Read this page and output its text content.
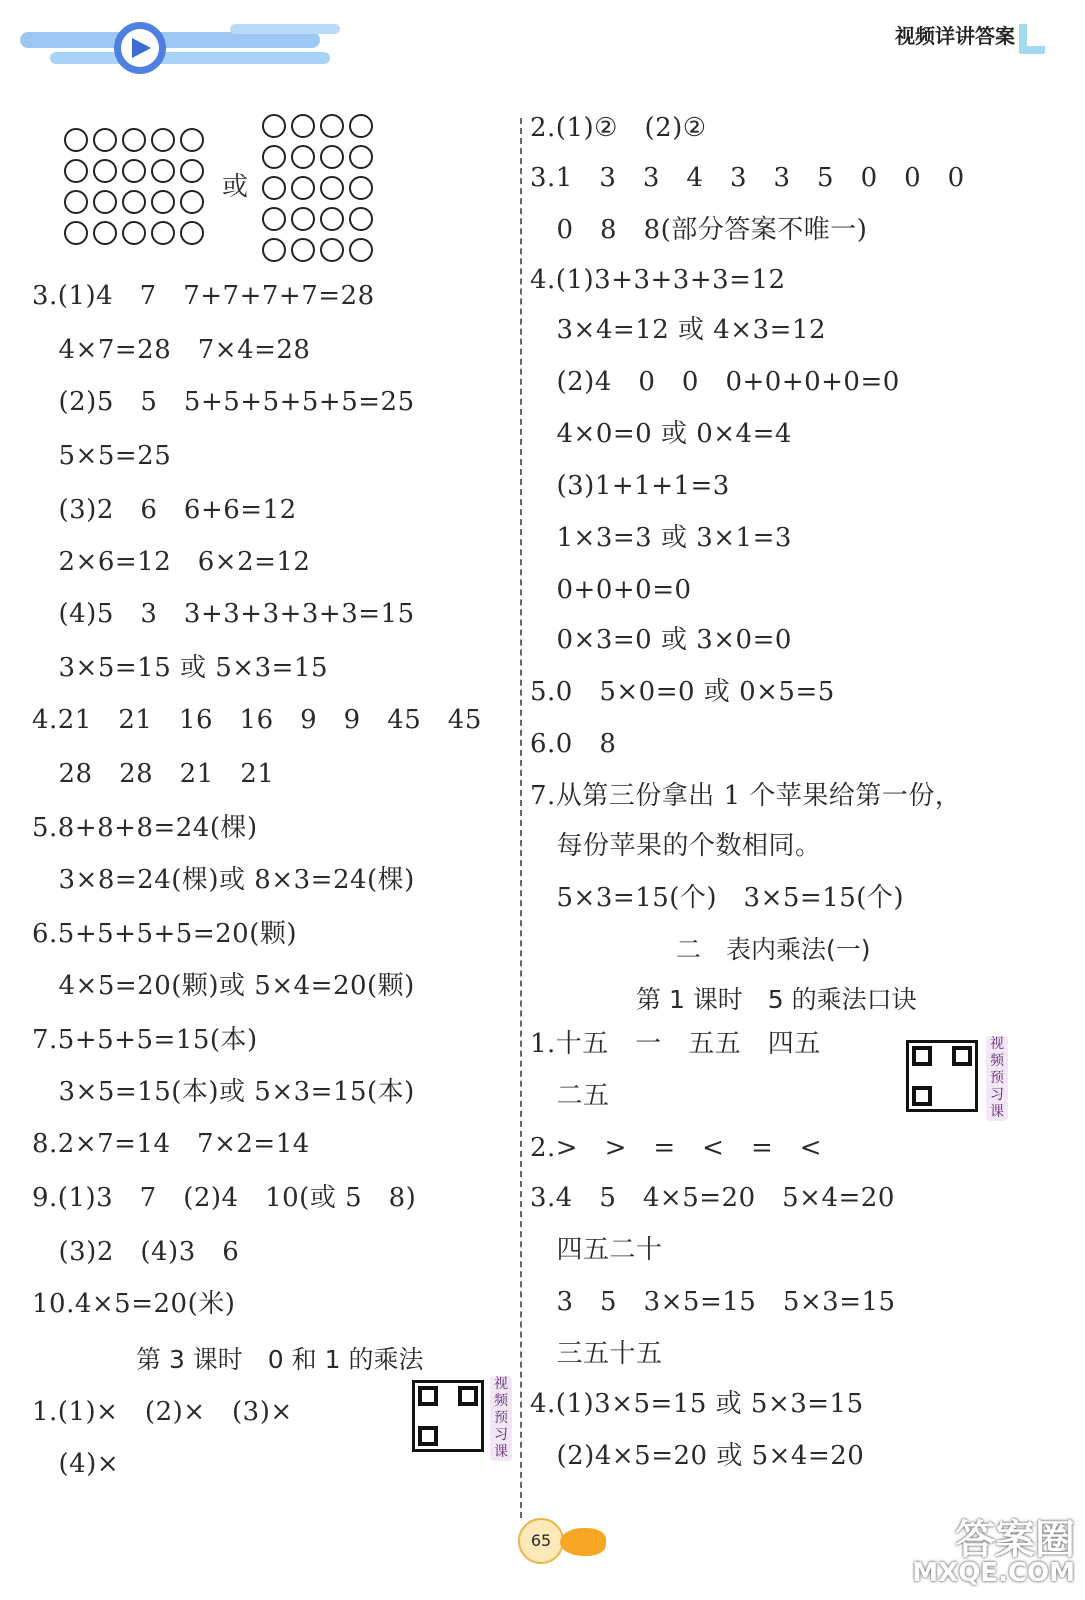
视频详讲答案
或
3.(1)4　7　7+7+7+7=28
　4×7=28　7×4=28
　(2)5　5　5+5+5+5+5=25
　5×5=25
　(3)2　6　6+6=12
　2×6=12　6×2=12
　(4)5　3　3+3+3+3+3=15
　3×5=15 或 5×3=15
4.21　21　16　16　9　9　45　45
　28　28　21　21
5.8+8+8=24(棵)
　3×8=24(棵)或 8×3=24(棵)
6.5+5+5+5=20(颗)
　4×5=20(颗)或 5×4=20(颗)
7.5+5+5=15(本)
　3×5=15(本)或 5×3=15(本)
8.2×7=14　7×2=14
9.(1)3　7　(2)4　10(或 5　8)
　(3)2　(4)3　6
10.4×5=20(米)
第 3 课时　0 和 1 的乘法
视频预习课
1.(1)×　(2)×　(3)×
　(4)×
2.(1)②　(2)②
3.1　3　3　4　3　3　5　0　0　0
　0　8　8(部分答案不唯一)
4.(1)3+3+3+3=12
　3×4=12 或 4×3=12
　(2)4　0　0　0+0+0+0=0
　4×0=0 或 0×4=4
　(3)1+1+1=3
　1×3=3 或 3×1=3
　0+0+0=0
　0×3=0 或 3×0=0
5.0　5×0=0 或 0×5=5
6.0　8
7.从第三份拿出 1 个苹果给第一份，
　每份苹果的个数相同。
　5×3=15(个)　3×5=15(个)
二　表内乘法(一)
第 1 课时　5 的乘法口诀
视频预习课
1.十五　一　五五　四五
　二五
2.>　>　=　<　=　<
3.4　5　4×5=20　5×4=20
　四五二十
　3　5　3×5=15　5×3=15
　三五十五
4.(1)3×5=15 或 5×3=15
　(2)4×5=20 或 5×4=20
65	答案圈
MXQE.COM
